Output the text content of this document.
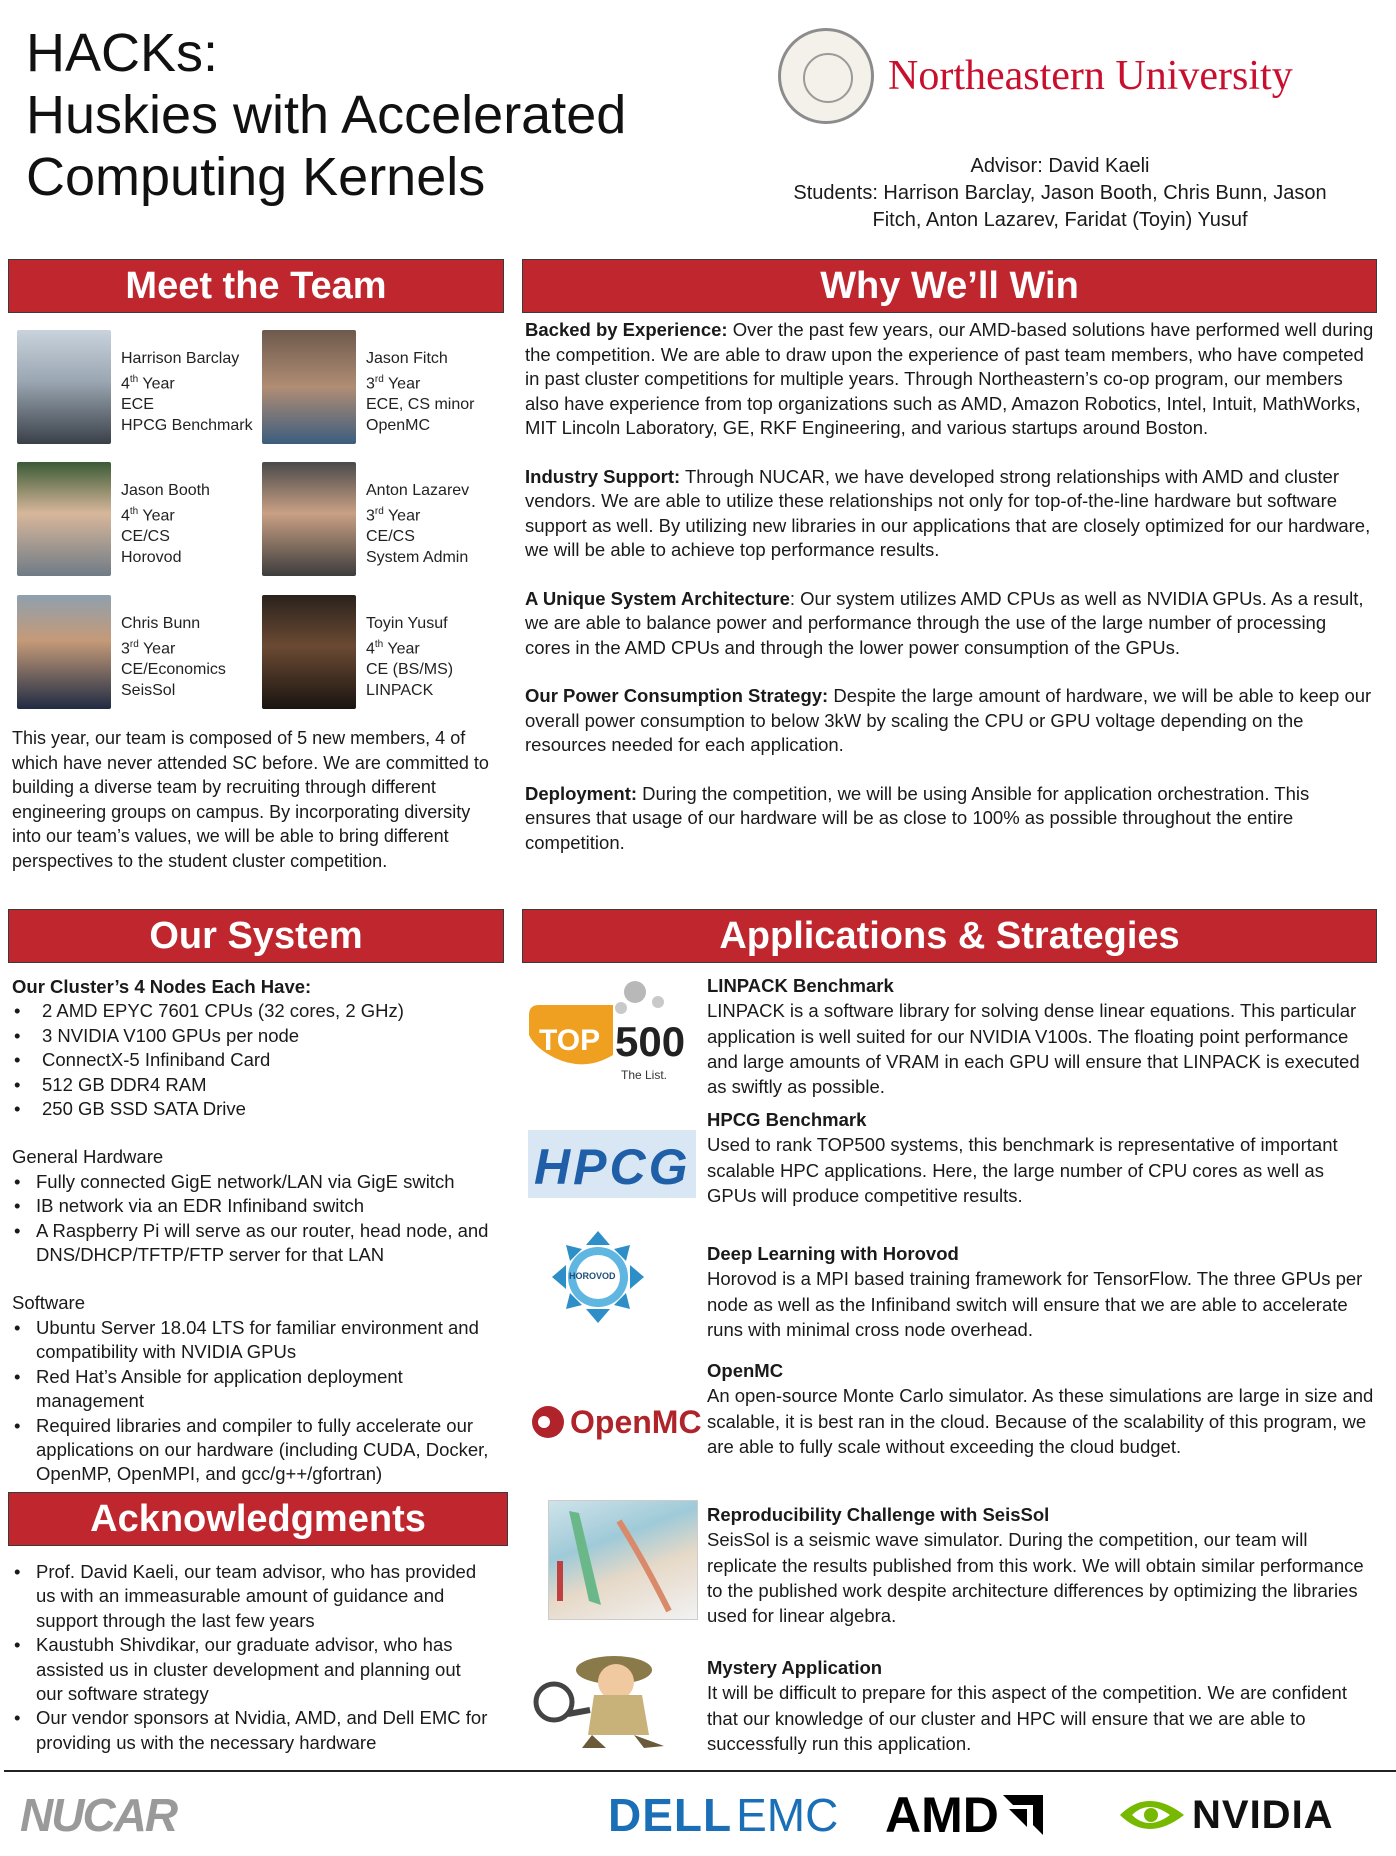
HACKs:
Huskies with Accelerated
Computing Kernels
Northeastern University
Advisor: David Kaeli
Students: Harrison Barclay, Jason Booth, Chris Bunn, Jason
Fitch, Anton Lazarev, Faridat (Toyin) Yusuf
Meet the Team	Why We’ll Win
Our System	Applications & Strategies
Acknowledgments
Harrison Barclay
4th Year
ECE
HPCG Benchmark
Jason Fitch
3rd Year
ECE, CS minor
OpenMC
Jason Booth
4th Year
CE/CS
Horovod
Anton Lazarev
3rd Year
CE/CS
System Admin
Chris Bunn
3rd Year
CE/Economics
SeisSol
Toyin Yusuf
4th Year
CE (BS/MS)
LINPACK
This year, our team is composed of 5 new members, 4 of which have never attended SC before. We are committed to building a diverse team by recruiting through different engineering groups on campus. By incorporating diversity into our team’s values, we will be able to bring different perspectives to the student cluster competition.

Backed by Experience: Over the past few years, our AMD-based solutions have performed well during the competition. We are able to draw upon the experience of past team members, who have competed in past cluster competitions for multiple years. Through Northeastern’s co-op program, our members also have experience from top organizations such as AMD, Amazon Robotics, Intel, Intuit, MathWorks, MIT Lincoln Laboratory, GE, RKF Engineering, and various startups around Boston.

Industry Support: Through NUCAR, we have developed strong relationships with AMD and cluster vendors. We are able to utilize these relationships not only for top-of-the-line hardware but software support as well. By utilizing new libraries in our applications that are closely optimized for our hardware, we will be able to achieve top performance results.

A Unique System Architecture: Our system utilizes AMD CPUs as well as NVIDIA GPUs. As a result, we are able to balance power and performance through the use of the large number of processing cores in the AMD CPUs and through the lower power consumption of the GPUs.

Our Power Consumption Strategy: Despite the large amount of hardware, we will be able to keep our overall power consumption to below 3kW by scaling the CPU or GPU voltage depending on the resources needed for each application.

Deployment: During the competition, we will be using Ansible for application orchestration. This ensures that usage of our hardware will be as close to 100% as possible throughout the entire competition.

Our Cluster’s 4 Nodes Each Have:
• 2 AMD EPYC 7601 CPUs (32 cores, 2 GHz)
• 3 NVIDIA V100 GPUs per node
• ConnectX-5 Infiniband Card
• 512 GB DDR4 RAM
• 250 GB SSD SATA Drive
General Hardware
• Fully connected GigE network/LAN via GigE switch
• IB network via an EDR Infiniband switch
• A Raspberry Pi will serve as our router, head node, and DNS/DHCP/TFTP/FTP server for that LAN
Software
• Ubuntu Server 18.04 LTS for familiar environment and compatibility with NVIDIA GPUs
• Red Hat’s Ansible for application deployment management
• Required libraries and compiler to fully accelerate our applications on our hardware (including CUDA, Docker, OpenMP, OpenMPI, and gcc/g++/gfortran)
• Prof. David Kaeli, our team advisor, who has provided us with an immeasurable amount of guidance and support through the last few years
• Kaustubh Shivdikar, our graduate advisor, who has assisted us in cluster development and planning out our software strategy
• Our vendor sponsors at Nvidia, AMD, and Dell EMC for providing us with the necessary hardware
TOP 500
The List.
HPCG
HOROVOD
OpenMC
LINPACK Benchmark
LINPACK is a software library for solving dense linear equations. This particular application is well suited for our NVIDIA V100s. The floating point performance and large amounts of VRAM in each GPU will ensure that LINPACK is executed as swiftly as possible.
HPCG Benchmark
Used to rank TOP500 systems, this benchmark is representative of important scalable HPC applications. Here, the large number of CPU cores as well as GPUs will produce competitive results.
Deep Learning with Horovod
Horovod is a MPI based training framework for TensorFlow. The three GPUs per node as well as the Infiniband switch will ensure that we are able to accelerate runs with minimal cross node overhead.
OpenMC
An open-source Monte Carlo simulator. As these simulations are large in size and scalable, it is best ran in the cloud. Because of the scalability of this program, we are able to fully scale without exceeding the cloud budget.
Reproducibility Challenge with SeisSol
SeisSol is a seismic wave simulator. During the competition, our team will replicate the results published from this work. We will obtain similar performance to the published work despite architecture differences by optimizing the libraries used for linear algebra.
Mystery Application
It will be difficult to prepare for this aspect of the competition. We are confident that our knowledge of our cluster and HPC will ensure that we are able to successfully run this application.
NUCAR	DELL EMC AMD	NVIDIA
